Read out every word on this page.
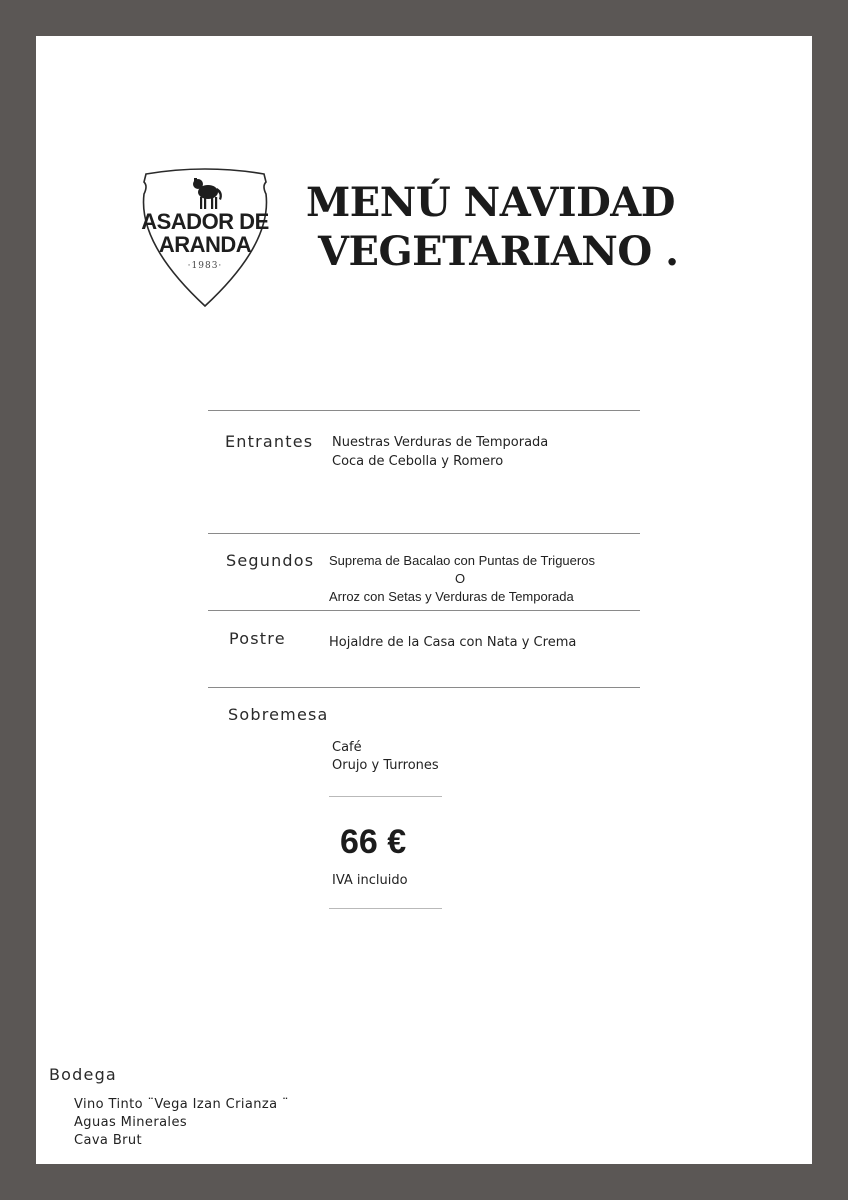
ASADOR DE
ARANDA
·1983·
MENÚ NAVIDAD
VEGETARIANO .
Entrantes Nuestras Verduras de Temporada
Coca de Cebolla y Romero
Segundos Suprema de Bacalao con Puntas de Trigueros
O
Arroz con Setas y Verduras de Temporada
Postre	Hojaldre de la Casa con Nata y Crema
Sobremesa
Café
Orujo y Turrones
66 €
IVA incluido
Bodega
Vino Tinto ¨Vega Izan Crianza ¨
Aguas Minerales
Cava Brut
